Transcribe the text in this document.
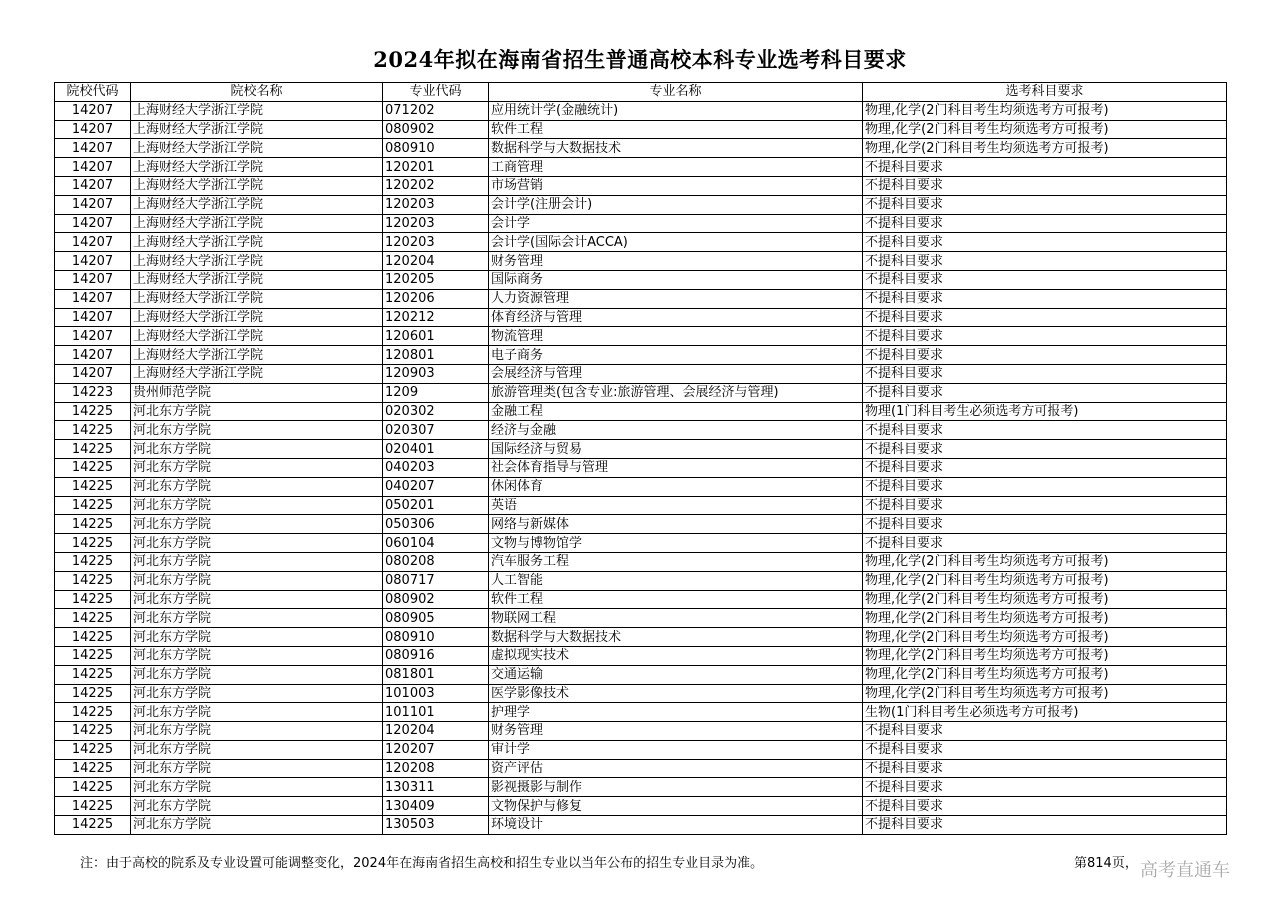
2024年拟在海南省招生普通高校本科专业选考科目要求
院校代码	院校名称	专业代码	专业名称	选考科目要求
14207	上海财经大学浙江学院	071202	应用统计学(金融统计)	物理,化学(2门科目考生均须选考方可报考)
14207	上海财经大学浙江学院	080902	软件工程	物理,化学(2门科目考生均须选考方可报考)
14207	上海财经大学浙江学院	080910	数据科学与大数据技术	物理,化学(2门科目考生均须选考方可报考)
14207	上海财经大学浙江学院	120201	工商管理	不提科目要求
14207	上海财经大学浙江学院	120202	市场营销	不提科目要求
14207	上海财经大学浙江学院	120203	会计学(注册会计)	不提科目要求
14207	上海财经大学浙江学院	120203	会计学	不提科目要求
14207	上海财经大学浙江学院	120203	会计学(国际会计ACCA)	不提科目要求
14207	上海财经大学浙江学院	120204	财务管理	不提科目要求
14207	上海财经大学浙江学院	120205	国际商务	不提科目要求
14207	上海财经大学浙江学院	120206	人力资源管理	不提科目要求
14207	上海财经大学浙江学院	120212	体育经济与管理	不提科目要求
14207	上海财经大学浙江学院	120601	物流管理	不提科目要求
14207	上海财经大学浙江学院	120801	电子商务	不提科目要求
14207	上海财经大学浙江学院	120903	会展经济与管理	不提科目要求
14223	贵州师范学院	1209	旅游管理类(包含专业:旅游管理、会展经济与管理)	不提科目要求
14225	河北东方学院	020302	金融工程	物理(1门科目考生必须选考方可报考)
14225	河北东方学院	020307	经济与金融	不提科目要求
14225	河北东方学院	020401	国际经济与贸易	不提科目要求
14225	河北东方学院	040203	社会体育指导与管理	不提科目要求
14225	河北东方学院	040207	休闲体育	不提科目要求
14225	河北东方学院	050201	英语	不提科目要求
14225	河北东方学院	050306	网络与新媒体	不提科目要求
14225	河北东方学院	060104	文物与博物馆学	不提科目要求
14225	河北东方学院	080208	汽车服务工程	物理,化学(2门科目考生均须选考方可报考)
14225	河北东方学院	080717	人工智能	物理,化学(2门科目考生均须选考方可报考)
14225	河北东方学院	080902	软件工程	物理,化学(2门科目考生均须选考方可报考)
14225	河北东方学院	080905	物联网工程	物理,化学(2门科目考生均须选考方可报考)
14225	河北东方学院	080910	数据科学与大数据技术	物理,化学(2门科目考生均须选考方可报考)
14225	河北东方学院	080916	虚拟现实技术	物理,化学(2门科目考生均须选考方可报考)
14225	河北东方学院	081801	交通运输	物理,化学(2门科目考生均须选考方可报考)
14225	河北东方学院	101003	医学影像技术	物理,化学(2门科目考生均须选考方可报考)
14225	河北东方学院	101101	护理学	生物(1门科目考生必须选考方可报考)
14225	河北东方学院	120204	财务管理	不提科目要求
14225	河北东方学院	120207	审计学	不提科目要求
14225	河北东方学院	120208	资产评估	不提科目要求
14225	河北东方学院	130311	影视摄影与制作	不提科目要求
14225	河北东方学院	130409	文物保护与修复	不提科目要求
14225	河北东方学院	130503	环境设计	不提科目要求
注：由于高校的院系及专业设置可能调整变化，2024年在海南省招生高校和招生专业以当年公布的招生专业目录为准。	第814页， 高考直通车
